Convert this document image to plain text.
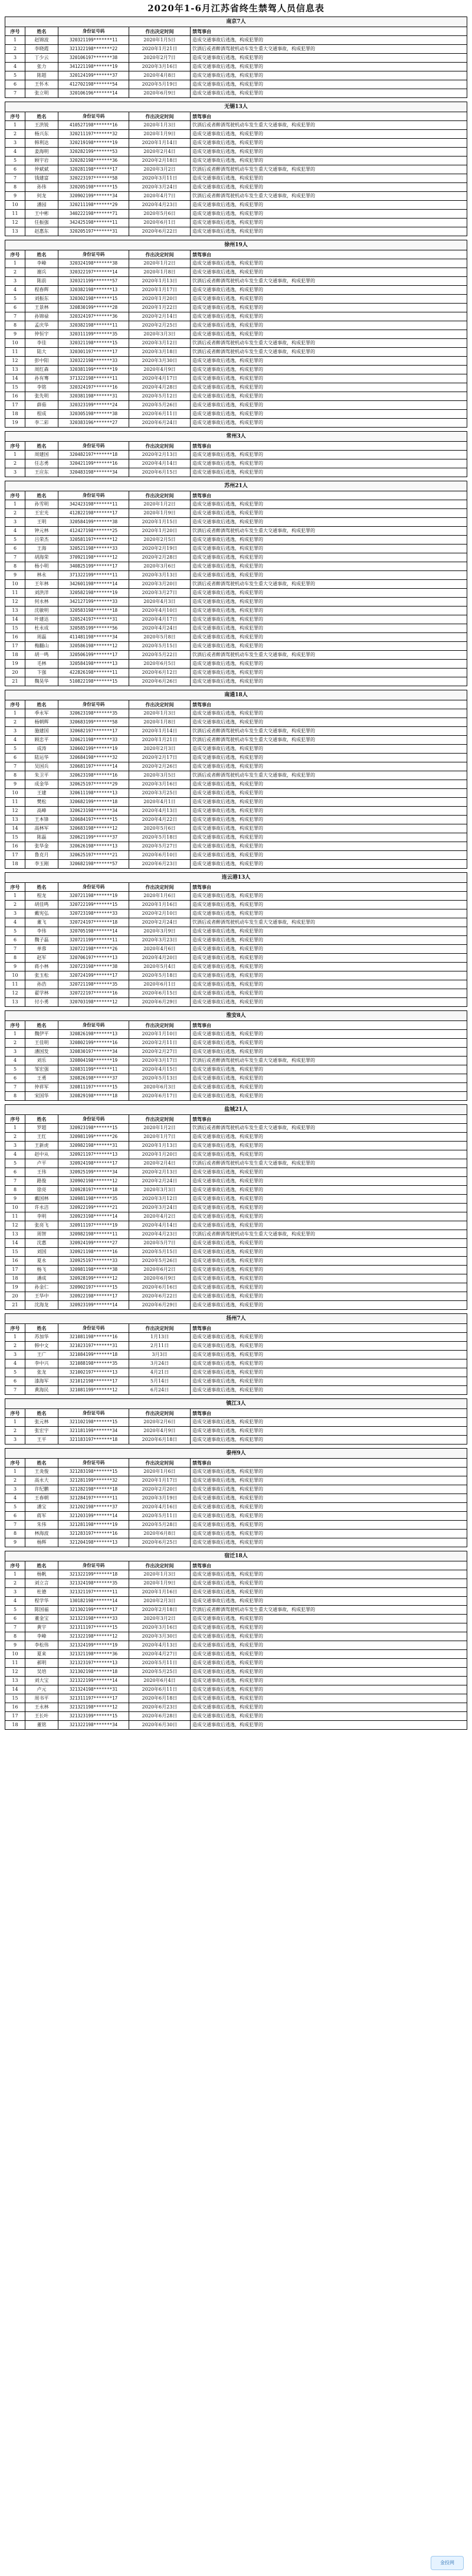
2020年1-6月江苏省终生禁驾人员信息表
南京7人				
序号	姓名	身份证号码	作出决定时间	禁驾事由
1	赵锦波	320321199*******11	2020年1月5日	造成交通事故后逃逸，构成犯罪的
2	李晓霞	321322198*******22	2020年1月21日	饮酒后或者醉酒驾驶机动车发生重大交通事故，构成犯罪的
3	丁少云	320106197*******38	2020年2月7日	造成交通事故后逃逸，构成犯罪的
4	张力	341221198*******19	2020年3月16日	造成交通事故后逃逸，构成犯罪的
5	陈超	320124199*******37	2020年4月8日	造成交通事故后逃逸，构成犯罪的
6	王怀木	412702198*******54	2020年5月19日	造成交通事故后逃逸，构成犯罪的
7	张立明	320106196*******14	2020年6月9日	造成交通事故后逃逸，构成犯罪的
无锡13人				
序号	姓名	身份证号码	作出决定时间	禁驾事由
1	王洪锐	410527198*******16	2020年1月3日	饮酒后或者醉酒驾驶机动车发生重大交通事故，构成犯罪的
2	杨兴东	320211197*******32	2020年1月9日	造成交通事故后逃逸，构成犯罪的
3	韩利达	320219198*******19	2020年1月14日	造成交通事故后逃逸，构成犯罪的
4	姜海明	320282199*******53	2020年2月4日	造成交通事故后逃逸，构成犯罪的
5	顾宇岩	320282198*******36	2020年2月18日	造成交通事故后逃逸，构成犯罪的
6	仲斌斌	320281198*******17	2020年3月2日	饮酒后或者醉酒驾驶机动车发生重大交通事故，构成犯罪的
7	钱建富	320223197*******58	2020年3月11日	造成交通事故后逃逸，构成犯罪的
8	孙伟	320205198*******15	2020年3月24日	造成交通事故后逃逸，构成犯罪的
9	何龙	320902199*******34	2020年4月7日	饮酒后或者醉酒驾驶机动车发生重大交通事故，构成犯罪的
10	潘园	320211198*******29	2020年4月23日	造成交通事故后逃逸，构成犯罪的
11	王中彬	340222198*******71	2020年5月6日	造成交通事故后逃逸，构成犯罪的
12	任振强	342425198*******11	2020年6月1日	造成交通事故后逃逸，构成犯罪的
13	赵惠东	320205197*******31	2020年6月22日	造成交通事故后逃逸，构成犯罪的
徐州19人				
序号	姓名	身份证号码	作出决定时间	禁驾事由
1	李峰	320324198*******38	2020年1月2日	造成交通事故后逃逸，构成犯罪的
2	谢兵	320322197*******14	2020年1月8日	造成交通事故后逃逸，构成犯罪的
3	陈前	320321199*******57	2020年1月13日	饮酒后或者醉酒驾驶机动车发生重大交通事故，构成犯罪的
4	程春辉	320382198*******13	2020年1月17日	造成交通事故后逃逸，构成犯罪的
5	刘振东	320302198*******15	2020年1月20日	造成交通事故后逃逸，构成犯罪的
6	王景林	320830199*******28	2020年1月22日	造成交通事故后逃逸，构成犯罪的
7	孙锦禄	320324197*******36	2020年2月14日	造成交通事故后逃逸，构成犯罪的
8	孟庆华	320382198*******11	2020年2月25日	造成交通事故后逃逸，构成犯罪的
9	仲恒宇	320311199*******35	2020年3月3日	造成交通事故后逃逸，构成犯罪的
10	李佳	320321198*******15	2020年3月12日	饮酒后或者醉酒驾驶机动车发生重大交通事故，构成犯罪的
11	陆大	320301197*******17	2020年3月18日	饮酒后或者醉酒驾驶机动车发生重大交通事故，构成犯罪的
12	彭中阳	320322198*******33	2020年3月30日	造成交通事故后逃逸，构成犯罪的
13	周红森	320381199*******19	2020年4月9日	造成交通事故后逃逸，构成犯罪的
14	孙有骞	371322198*******11	2020年4月17日	造成交通事故后逃逸，构成犯罪的
15	李铭	320324197*******16	2020年4月28日	造成交通事故后逃逸，构成犯罪的
16	张先明	320381198*******31	2020年5月12日	造成交通事故后逃逸，构成犯罪的
17	薛茹	320323199*******24	2020年5月26日	造成交通事故后逃逸，构成犯罪的
18	程成	320305198*******38	2020年6月11日	造成交通事故后逃逸，构成犯罪的
19	李二彩	320383196*******27	2020年6月24日	造成交通事故后逃逸，构成犯罪的
常州3人				
序号	姓名	身份证号码	作出决定时间	禁驾事由
1	周建国	320482197*******18	2020年2月13日	造成交通事故后逃逸，构成犯罪的
2	任志勇	320421199*******16	2020年4月14日	造成交通事故后逃逸，构成犯罪的
3	王应东	320483198*******34	2020年6月15日	造成交通事故后逃逸，构成犯罪的
苏州21人				
序号	姓名	身份证号码	作出决定时间	禁驾事由
1	孙雪明	342423198*******11	2020年1月2日	造成交通事故后逃逸，构成犯罪的
2	王宏光	412822198*******17	2020年1月9日	造成交通事故后逃逸，构成犯罪的
3	王明	320584199*******38	2020年1月15日	造成交通事故后逃逸，构成犯罪的
4	钟元林	412427198*******25	2020年1月20日	饮酒后或者醉酒驾驶机动车发生重大交通事故，构成犯罪的
5	吕荣杰	320581197*******12	2020年2月5日	造成交通事故后逃逸，构成犯罪的
6	王海	320521198*******33	2020年2月19日	造成交通事故后逃逸，构成犯罪的
7	胡海荣	370921198*******12	2020年2月28日	造成交通事故后逃逸，构成犯罪的
8	杨小明	340825199*******17	2020年3月6日	造成交通事故后逃逸，构成犯罪的
9	林永	371322199*******11	2020年3月13日	造成交通事故后逃逸，构成犯罪的
10	王年林	342601198*******14	2020年3月20日	饮酒后或者醉酒驾驶机动车发生重大交通事故，构成犯罪的
11	刘洪洋	320582198*******19	2020年3月27日	造成交通事故后逃逸，构成犯罪的
12	何永林	342127199*******33	2020年4月3日	造成交通事故后逃逸，构成犯罪的
13	沈敏明	320583198*******18	2020年4月10日	造成交通事故后逃逸，构成犯罪的
14	叶建达	320524197*******31	2020年4月17日	造成交通事故后逃逸，构成犯罪的
15	杜永成	320585199*******56	2020年4月24日	造成交通事故后逃逸，构成犯罪的
16	周磊	411481198*******34	2020年5月8日	造成交通事故后逃逸，构成犯罪的
17	梅翻山	320586198*******12	2020年5月15日	造成交通事故后逃逸，构成犯罪的
18	胡一鸣	320506199*******17	2020年5月22日	饮酒后或者醉酒驾驶机动车发生重大交通事故，构成犯罪的
19	毛林	320584198*******13	2020年6月5日	造成交通事故后逃逸，构成犯罪的
20	卞强	422826198*******11	2020年6月12日	造成交通事故后逃逸，构成犯罪的
21	魏昊华	510822198*******15	2020年6月26日	造成交通事故后逃逸，构成犯罪的
南通18人				
序号	姓名	身份证号码	作出决定时间	禁驾事由
1	季永军	320623198*******35	2020年1月3日	造成交通事故后逃逸，构成犯罪的
2	杨朝辉	320683199*******58	2020年1月8日	造成交通事故后逃逸，构成犯罪的
3	施建国	320682197*******17	2020年1月14日	饮酒后或者醉酒驾驶机动车发生重大交通事故，构成犯罪的
4	顾忠平	320621198*******33	2020年1月21日	饮酒后或者醉酒驾驶机动车发生重大交通事故，构成犯罪的
5	成涛	320602199*******19	2020年2月3日	造成交通事故后逃逸，构成犯罪的
6	陆运华	320684198*******32	2020年2月17日	造成交通事故后逃逸，构成犯罪的
7	吴国兵	320681197*******14	2020年2月26日	造成交通事故后逃逸，构成犯罪的
8	朱卫平	320623198*******16	2020年3月5日	饮酒后或者醉酒驾驶机动车发生重大交通事故，构成犯罪的
9	成金华	320625197*******29	2020年3月16日	造成交通事故后逃逸，构成犯罪的
10	王建	320611198*******13	2020年3月25日	造成交通事故后逃逸，构成犯罪的
11	樊松	320682199*******18	2020年4月1日	造成交通事故后逃逸，构成犯罪的
12	高峰	320623198*******34	2020年4月13日	造成交通事故后逃逸，构成犯罪的
13	王本锋	320684197*******15	2020年4月22日	造成交通事故后逃逸，构成犯罪的
14	高林军	320683198*******12	2020年5月6日	造成交通事故后逃逸，构成犯罪的
15	陈磊	320621199*******37	2020年5月18日	造成交通事故后逃逸，构成犯罪的
16	张华金	320626198*******13	2020年5月27日	造成交通事故后逃逸，构成犯罪的
17	鲁克月	320625197*******21	2020年6月10日	造成交通事故后逃逸，构成犯罪的
18	李玉刚	320682198*******57	2020年6月23日	造成交通事故后逃逸，构成犯罪的
连云港13人				
序号	姓名	身份证号码	作出决定时间	禁驾事由
1	程龙	320721198*******19	2020年1月6日	造成交通事故后逃逸，构成犯罪的
2	胡佳鸣	320722199*******15	2020年1月16日	造成交通事故后逃逸，构成犯罪的
3	戴宪弘	320723198*******33	2020年2月10日	造成交通事故后逃逸，构成犯罪的
4	董飞	320724197*******18	2020年2月24日	饮酒后或者醉酒驾驶机动车发生重大交通事故，构成犯罪的
5	李伟	320705198*******14	2020年3月9日	造成交通事故后逃逸，构成犯罪的
6	魏子磊	320721199*******11	2020年3月23日	造成交通事故后逃逸，构成犯罪的
7	单蓉	320722198*******26	2020年4月6日	造成交通事故后逃逸，构成犯罪的
8	赵军	320706197*******13	2020年4月20日	造成交通事故后逃逸，构成犯罪的
9	蒋小林	320723198*******38	2020年5月4日	造成交通事故后逃逸，构成犯罪的
10	张玉松	320724199*******17	2020年5月18日	造成交通事故后逃逸，构成犯罪的
11	孙浩	320721198*******35	2020年6月1日	造成交通事故后逃逸，构成犯罪的
12	翟学林	320722197*******16	2020年6月15日	造成交通事故后逃逸，构成犯罪的
13	付小勇	320703198*******12	2020年6月29日	造成交通事故后逃逸，构成犯罪的
淮安8人				
序号	姓名	身份证号码	作出决定时间	禁驾事由
1	魏伊平	320826198*******13	2020年1月10日	造成交通事故后逃逸，构成犯罪的
2	王佳明	320802199*******16	2020年2月11日	造成交通事故后逃逸，构成犯罪的
3	潘国发	320830197*******34	2020年2月27日	造成交通事故后逃逸，构成犯罪的
4	刘乐	320804198*******19	2020年3月17日	饮酒后或者醉酒驾驶机动车发生重大交通事故，构成犯罪的
5	邹宏强	320831199*******11	2020年4月15日	造成交通事故后逃逸，构成犯罪的
6	王勇	320826198*******37	2020年5月13日	造成交通事故后逃逸，构成犯罪的
7	仲祥军	320811197*******15	2020年6月3日	造成交通事故后逃逸，构成犯罪的
8	宋国华	320829198*******18	2020年6月17日	造成交通事故后逃逸，构成犯罪的
盐城21人				
序号	姓名	身份证号码	作出决定时间	禁驾事由
1	罗超	320923198*******15	2020年1月2日	饮酒后或者醉酒驾驶机动车发生重大交通事故，构成犯罪的
2	王红	320981199*******26	2020年1月7日	造成交通事故后逃逸，构成犯罪的
3	王新虎	320982198*******31	2020年1月13日	造成交通事故后逃逸，构成犯罪的
4	赵中从	320921197*******13	2020年1月20日	造成交通事故后逃逸，构成犯罪的
5	卢平	320924198*******17	2020年2月4日	饮酒后或者醉酒驾驶机动车发生重大交通事故，构成犯罪的
6	王伟	320925199*******34	2020年2月13日	造成交通事故后逃逸，构成犯罪的
7	路俊	320902198*******12	2020年2月24日	造成交通事故后逃逸，构成犯罪的
8	徐亮	320928197*******18	2020年3月3日	造成交通事故后逃逸，构成犯罪的
9	戴国林	320981198*******35	2020年3月12日	造成交通事故后逃逸，构成犯罪的
10	许永洁	320922199*******21	2020年3月24日	造成交通事故后逃逸，构成犯罪的
11	李明	320923198*******14	2020年4月2日	造成交通事故后逃逸，构成犯罪的
12	张亮飞	320911197*******19	2020年4月14日	造成交通事故后逃逸，构成犯罪的
13	周智	320982198*******11	2020年4月23日	饮酒后或者醉酒驾驶机动车发生重大交通事故，构成犯罪的
14	沈惠	320924199*******27	2020年5月7日	造成交通事故后逃逸，构成犯罪的
15	刘国	320921198*******16	2020年5月15日	造成交通事故后逃逸，构成犯罪的
16	夏永	320925197*******33	2020年5月26日	造成交通事故后逃逸，构成犯罪的
17	杨飞	320981198*******38	2020年6月2日	造成交通事故后逃逸，构成犯罪的
18	潘成	320928199*******12	2020年6月9日	造成交通事故后逃逸，构成犯罪的
19	孙金仁	320902197*******15	2020年6月16日	造成交通事故后逃逸，构成犯罪的
20	王华中	320922198*******17	2020年6月22日	造成交通事故后逃逸，构成犯罪的
21	沈海龙	320923199*******14	2020年6月29日	造成交通事故后逃逸，构成犯罪的
扬州7人				
序号	姓名	身份证号码	作出决定时间	禁驾事由
1	苏加华	321081198*******16	1月13日	造成交通事故后逃逸，构成犯罪的
2	韩中文	321023197*******31	2月11日	造成交通事故后逃逸，构成犯罪的
3	王广	321084199*******18	3月3日	造成交通事故后逃逸，构成犯罪的
4	李中兴	321088198*******35	3月24日	造成交通事故后逃逸，构成犯罪的
5	张龙	321002197*******13	4月21日	造成交通事故后逃逸，构成犯罪的
6	漆海军	321012198*******17	5月14日	造成交通事故后逃逸，构成犯罪的
7	黄海民	321081199*******12	6月24日	造成交通事故后逃逸，构成犯罪的
镇江3人				
序号	姓名	身份证号码	作出决定时间	禁驾事由
1	张元林	321102198*******15	2020年2月6日	造成交通事故后逃逸，构成犯罪的
2	张宏宇	321181199*******34	2020年4月9日	造成交通事故后逃逸，构成犯罪的
3	王平	321183197*******18	2020年6月18日	造成交通事故后逃逸，构成犯罪的
泰州9人				
序号	姓名	身份证号码	作出决定时间	禁驾事由
1	王炎俊	321283198*******15	2020年1月6日	造成交通事故后逃逸，构成犯罪的
2	高永大	321281199*******32	2020年1月17日	造成交通事故后逃逸，构成犯罪的
3	许纪鹏	321282198*******18	2020年2月20日	造成交通事故后逃逸，构成犯罪的
4	王春朝	321284197*******11	2020年3月19日	造成交通事故后逃逸，构成犯罪的
5	潘宝	321202198*******37	2020年4月16日	造成交通事故后逃逸，构成犯罪的
6	蒋军	321203199*******14	2020年5月11日	造成交通事故后逃逸，构成犯罪的
7	朱伟	321281198*******19	2020年5月28日	造成交通事故后逃逸，构成犯罪的
8	林海波	321283197*******16	2020年6月8日	造成交通事故后逃逸，构成犯罪的
9	杨辉	321204198*******13	2020年6月25日	造成交通事故后逃逸，构成犯罪的
宿迁18人				
序号	姓名	身份证号码	作出决定时间	禁驾事由
1	杨帆	321322199*******18	2020年1月3日	造成交通事故后逃逸，构成犯罪的
2	刘立言	321324198*******35	2020年1月9日	造成交通事故后逃逸，构成犯罪的
3	杜德	321321197*******11	2020年1月16日	造成交通事故后逃逸，构成犯罪的
4	程学华	130182198*******14	2020年2月3日	造成交通事故后逃逸，构成犯罪的
5	陈国福	321302199*******17	2020年2月18日	饮酒后或者醉酒驾驶机动车发生重大交通事故，构成犯罪的
6	董金宝	321323198*******33	2020年3月2日	造成交通事故后逃逸，构成犯罪的
7	黄宇	321311197*******15	2020年3月16日	造成交通事故后逃逸，构成犯罪的
8	李峰	321322198*******12	2020年3月30日	造成交通事故后逃逸，构成犯罪的
9	李松伟	321324199*******19	2020年4月13日	造成交通事故后逃逸，构成犯罪的
10	夏来	321321198*******36	2020年4月27日	造成交通事故后逃逸，构成犯罪的
11	郝明	321323197*******13	2020年5月11日	造成交通事故后逃逸，构成犯罪的
12	吴培	321302198*******18	2020年5月25日	造成交通事故后逃逸，构成犯罪的
13	刘大宝	321322199*******14	2020年6月4日	造成交通事故后逃逸，构成犯罪的
14	卢元	321324198*******31	2020年6月11日	造成交通事故后逃逸，构成犯罪的
15	周书平	321311197*******17	2020年6月18日	造成交通事故后逃逸，构成犯罪的
16	王永林	321321198*******12	2020年6月23日	造成交通事故后逃逸，构成犯罪的
17	王长叶	321323199*******15	2020年6月28日	造成交通事故后逃逸，构成犯罪的
18	董铭	321322198*******34	2020年6月30日	造成交通事故后逃逸，构成犯罪的
金投网
